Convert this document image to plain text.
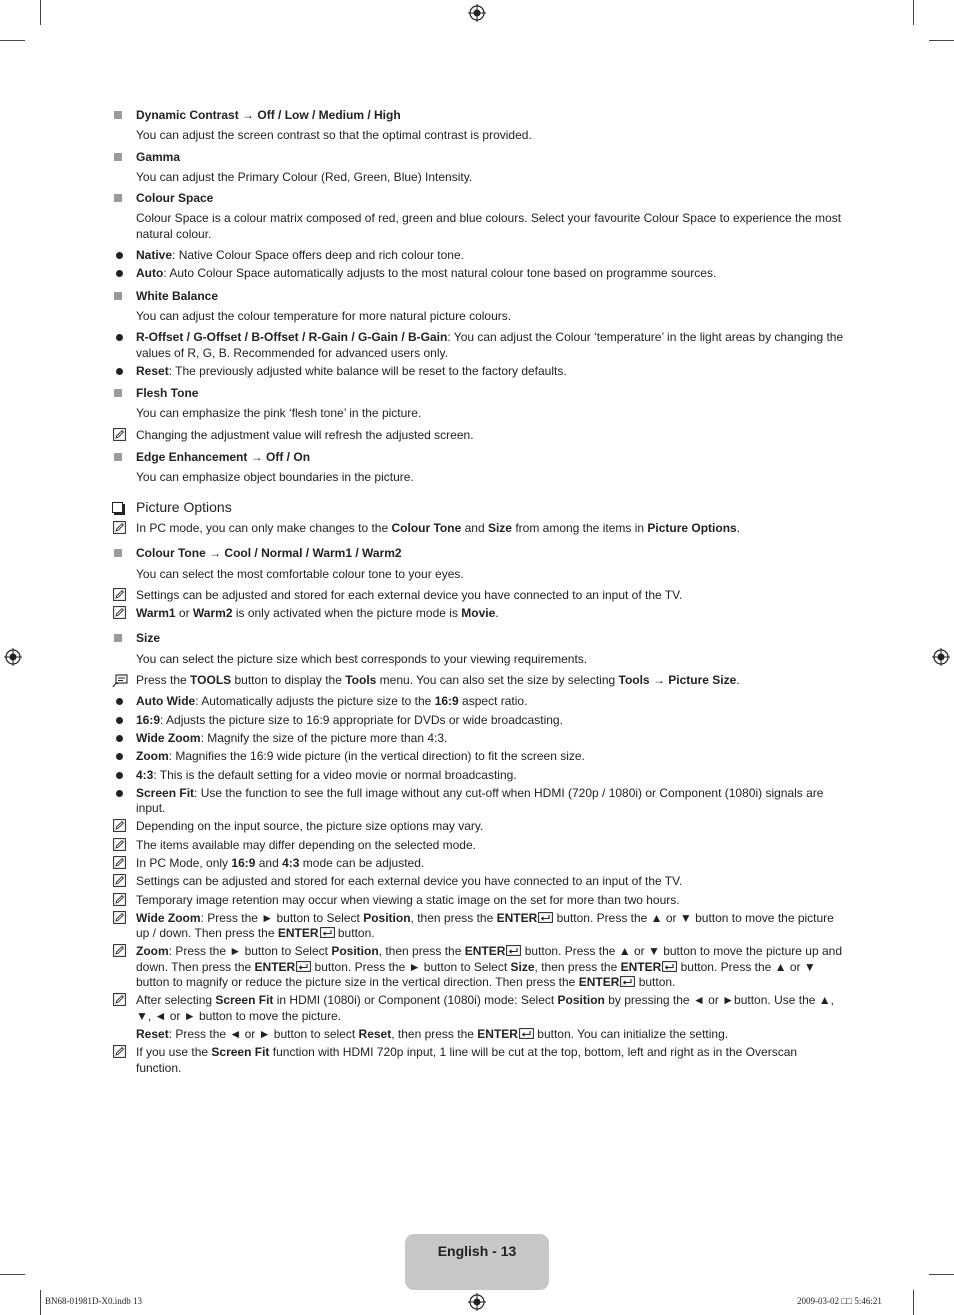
Dynamic Contrast → Off / Low / Medium / High
You can adjust the screen contrast so that the optimal contrast is provided.
Gamma
You can adjust the Primary Colour (Red, Green, Blue) Intensity.
Colour Space
Colour Space is a colour matrix composed of red, green and blue colours. Select your favourite Colour Space to experience the most natural colour.
Native: Native Colour Space offers deep and rich colour tone.
Auto: Auto Colour Space automatically adjusts to the most natural colour tone based on programme sources.
White Balance
You can adjust the colour temperature for more natural picture colours.
R-Offset / G-Offset / B-Offset / R-Gain / G-Gain / B-Gain: You can adjust the Colour ‘temperature’ in the light areas by changing the values of R, G, B. Recommended for advanced users only.
Reset: The previously adjusted white balance will be reset to the factory defaults.
Flesh Tone
You can emphasize the pink ‘flesh tone’ in the picture.
Changing the adjustment value will refresh the adjusted screen.
Edge Enhancement → Off / On
You can emphasize object boundaries in the picture.
Picture Options
In PC mode, you can only make changes to the Colour Tone and Size from among the items in Picture Options.
Colour Tone → Cool / Normal / Warm1 / Warm2
You can select the most comfortable colour tone to your eyes.
Settings can be adjusted and stored for each external device you have connected to an input of the TV.
Warm1 or Warm2 is only activated when the picture mode is Movie.
Size
You can select the picture size which best corresponds to your viewing requirements.
Press the TOOLS button to display the Tools menu. You can also set the size by selecting Tools → Picture Size.
Auto Wide: Automatically adjusts the picture size to the 16:9 aspect ratio.
16:9: Adjusts the picture size to 16:9 appropriate for DVDs or wide broadcasting.
Wide Zoom: Magnify the size of the picture more than 4:3.
Zoom: Magnifies the 16:9 wide picture (in the vertical direction) to fit the screen size.
4:3: This is the default setting for a video movie or normal broadcasting.
Screen Fit: Use the function to see the full image without any cut-off when HDMI (720p / 1080i) or Component (1080i) signals are input.
Depending on the input source, the picture size options may vary.
The items available may differ depending on the selected mode.
In PC Mode, only 16:9 and 4:3 mode can be adjusted.
Settings can be adjusted and stored for each external device you have connected to an input of the TV.
Temporary image retention may occur when viewing a static image on the set for more than two hours.
Wide Zoom: Press the ► button to Select Position, then press the ENTER button. Press the ▲ or ▼ button to move the picture up / down. Then press the ENTER button.
Zoom: Press the ► button to Select Position, then press the ENTER button. Press the ▲ or ▼ button to move the picture up and down. Then press the ENTER button. Press the ► button to Select Size, then press the ENTER button. Press the ▲ or ▼ button to magnify or reduce the picture size in the vertical direction. Then press the ENTER button.
After selecting Screen Fit in HDMI (1080i) or Component (1080i) mode: Select Position by pressing the ◄ or ►button. Use the ▲, ▼, ◄ or ► button to move the picture.
Reset: Press the ◄ or ► button to select Reset, then press the ENTER button. You can initialize the setting.
If you use the Screen Fit function with HDMI 720p input, 1 line will be cut at the top, bottom, left and right as in the Overscan function.
English - 13
BN68-01981D-X0.indb 13	2009-03-02 □□ 5:46:21
